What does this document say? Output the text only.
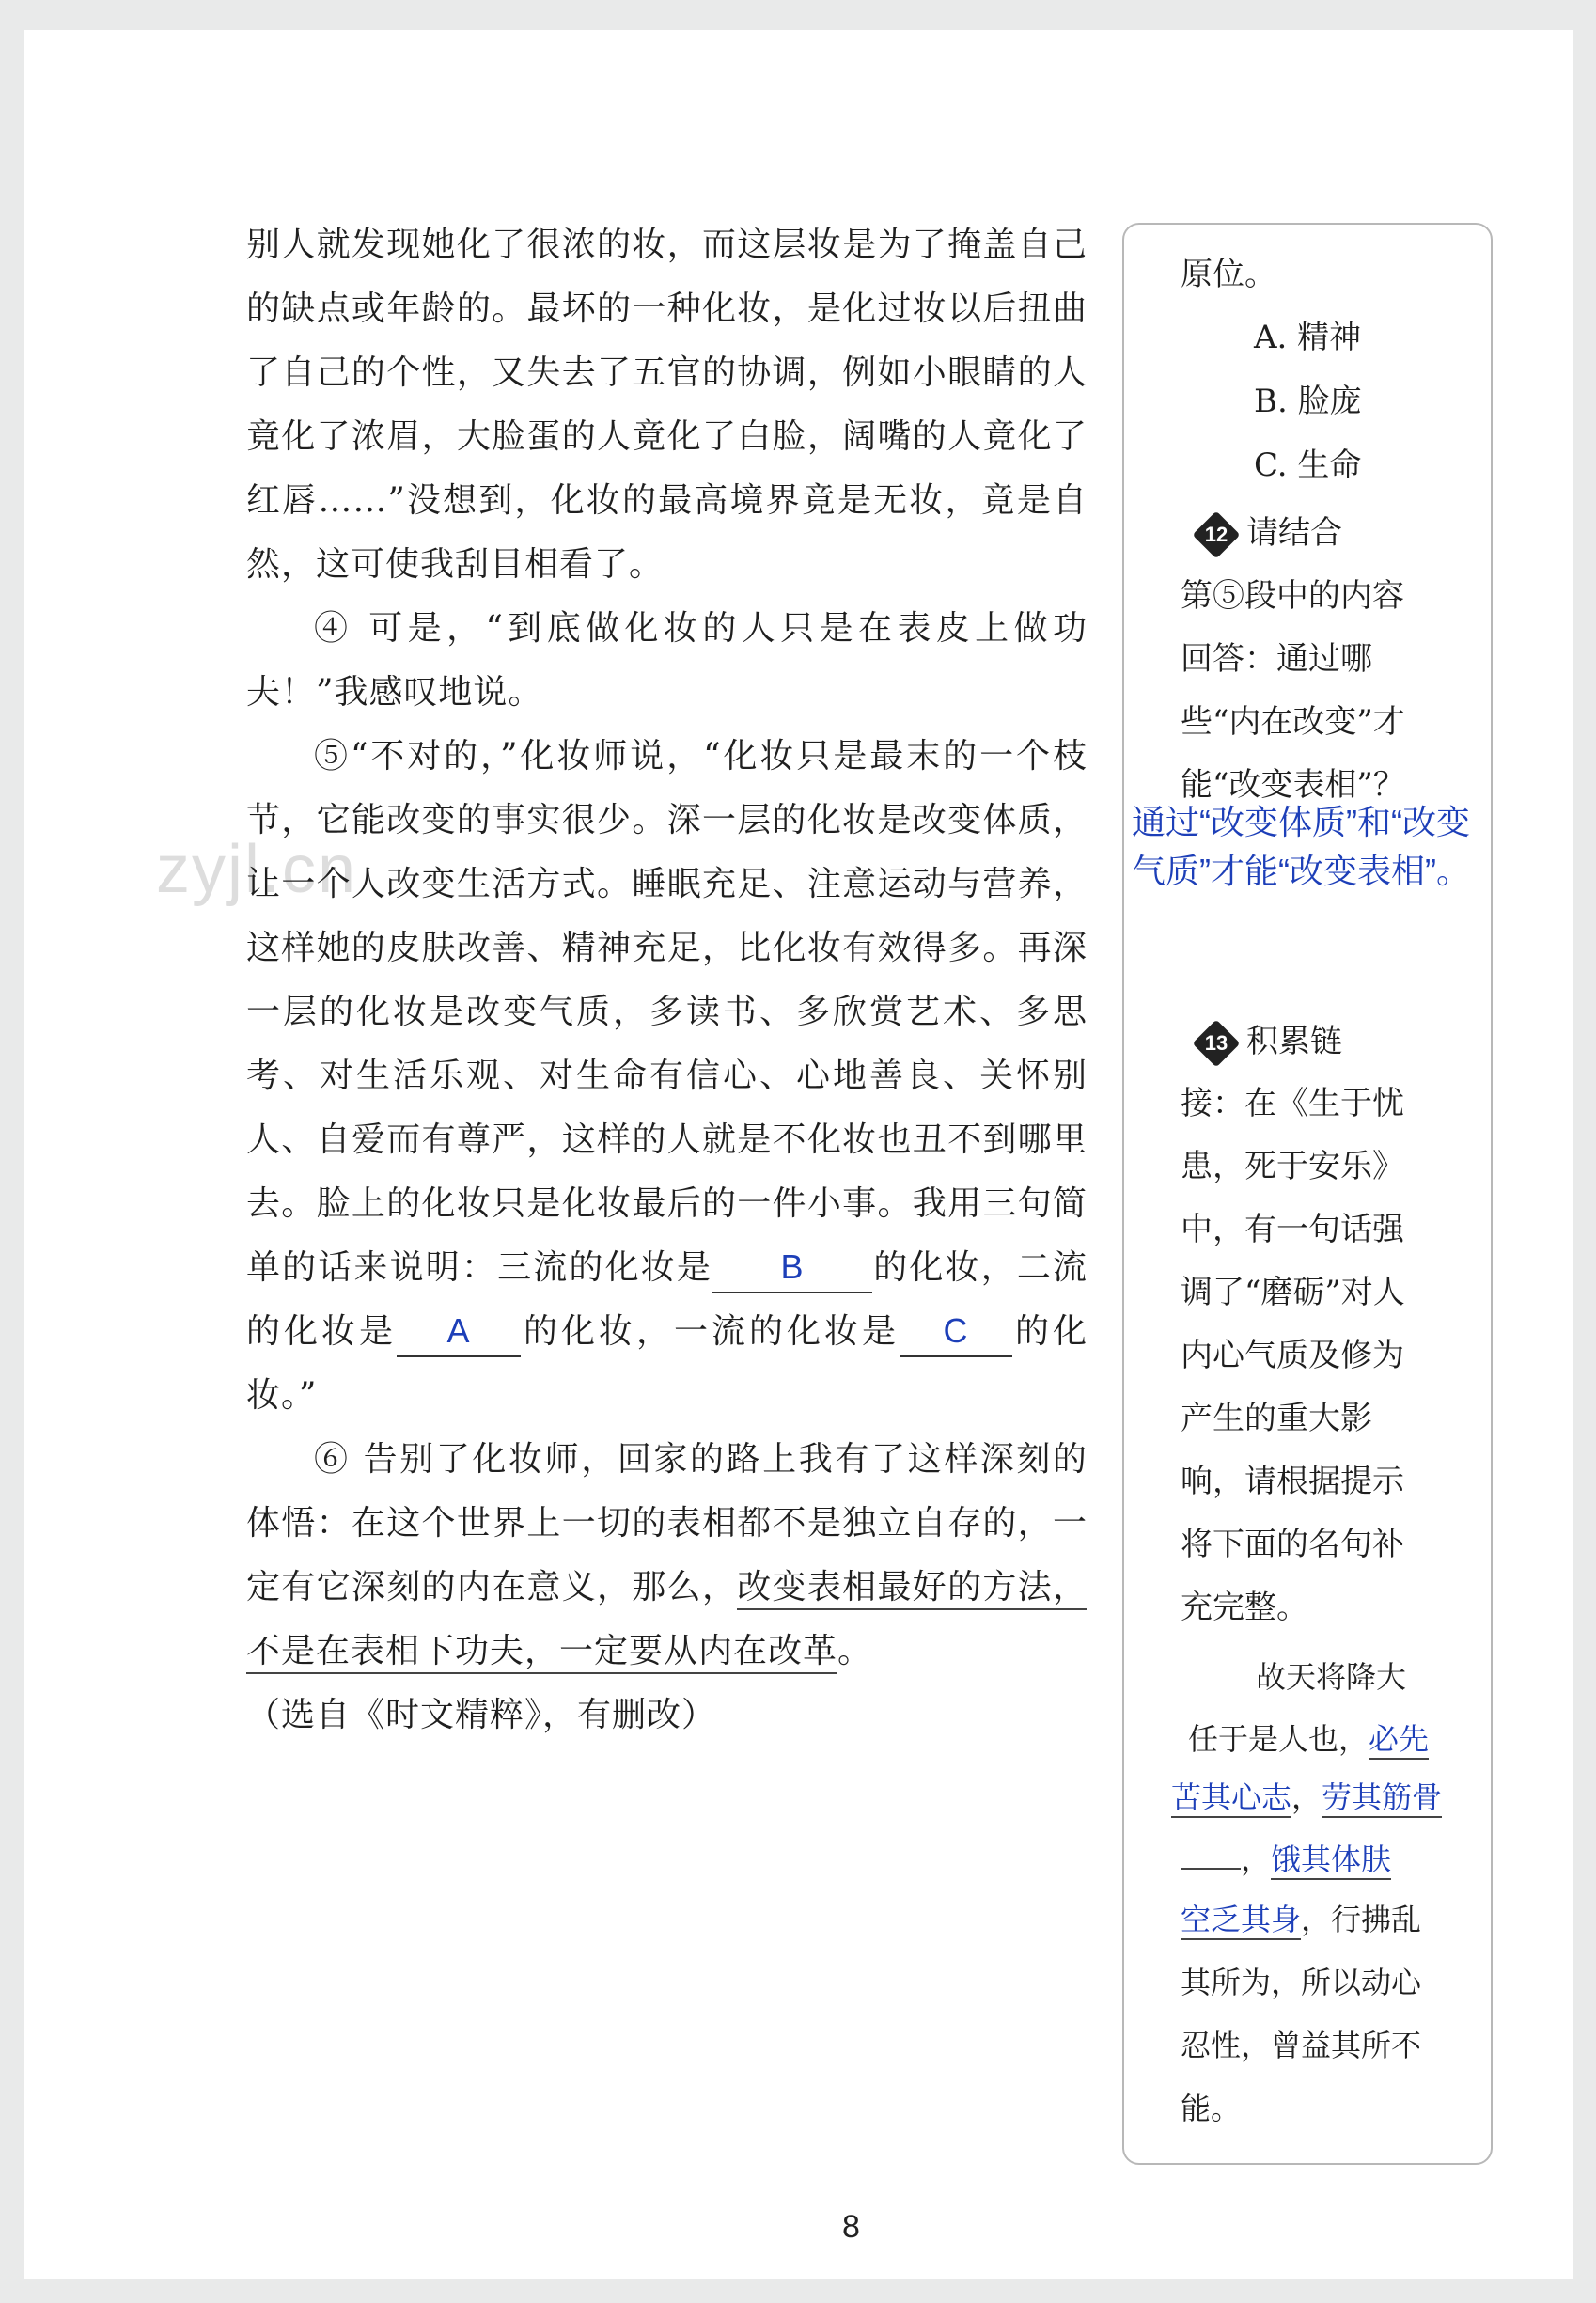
zyjl.cn

别人就发现她化了很浓的妆，而这层妆是为了掩盖自己的缺点或年龄的。最坏的一种化妆，是化过妆以后扭曲了自己的个性，又失去了五官的协调，例如小眼睛的人竟化了浓眉，大脸蛋的人竟化了白脸，阔嘴的人竟化了红唇……”没想到，化妆的最高境界竟是无妆，竟是自然，这可使我刮目相看了。

④ 可是，“到底做化妆的人只是在表皮上做功夫！”我感叹地说。

⑤“不对的，”化妆师说，“化妆只是最末的一个枝节，它能改变的事实很少。深一层的化妆是改变体质，让一个人改变生活方式。睡眠充足、注意运动与营养，这样她的皮肤改善、精神充足，比化妆有效得多。再深一层的化妆是改变气质，多读书、多欣赏艺术、多思考、对生活乐观、对生命有信心、心地善良、关怀别人、自爱而有尊严，这样的人就是不化妆也丑不到哪里去。脸上的化妆只是化妆最后的一件小事。我用三句简单的话来说明：三流的化妆是 B 的化妆，二流的化妆是 A 的化妆，一流的化妆是 C 的化妆。”

⑥ 告别了化妆师，回家的路上我有了这样深刻的体悟：在这个世界上一切的表相都不是独立自存的，一定有它深刻的内在意义，那么，改变表相最好的方法，不是在表相下功夫，一定要从内在改革。

（选自《时文精粹》，有删改）

原位。
A. 精神
B. 脸庞
C. 生命
12 请结合
第⑤段中的内容回答：通过哪些“内在改变”才能“改变表相”？
通过“改变体质”和“改变气质”才能“改变表相”。
13 积累链
接：在《生于忧患，死于安乐》中，有一句话强调了“磨砺”对人内心气质及修为产生的重大影响，请根据提示将下面的名句补充完整。
故天将降大
任于是人也，必先
苦其心志，劳其筋骨
，饿其体肤
空乏其身，行拂乱其所为，所以动心忍性，曾益其所不能。
8
